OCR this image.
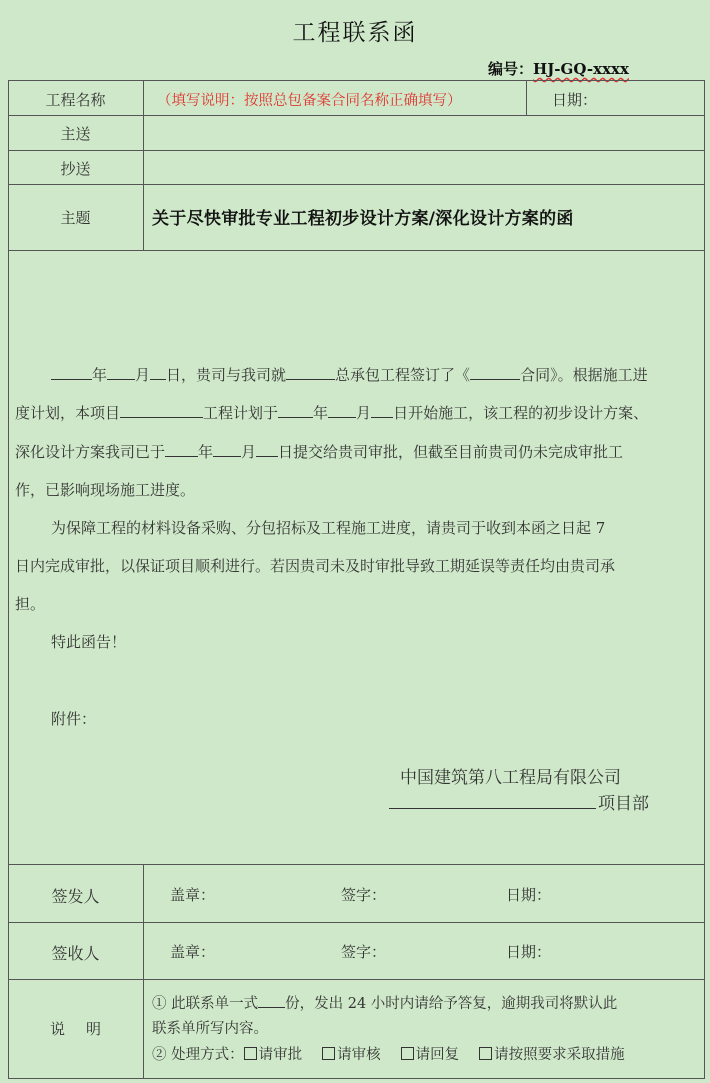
工程联系函
编号：HJ-GQ-xxxx
工程名称	（填写说明：按照总包备案合同名称正确填写）	日期：
主送
抄送
主题	关于尽快审批专业工程初步设计方案/深化设计方案的函
年 月 日，贵司与我司就	总承包工程签订了《	合同》。根据施工进
度计划，本项目	工程计划于 年 月 日开始施工，该工程的初步设计方案、
深化设计方案我司已于 年 月 日提交给贵司审批，但截至目前贵司仍未完成审批工
作，已影响现场施工进度。
为保障工程的材料设备采购、分包招标及工程施工进度，请贵司于收到本函之日起 7
日内完成审批，以保证项目顺利进行。若因贵司未及时审批导致工期延误等责任均由贵司承
担。
特此函告！
附件：
中国建筑第八工程局有限公司
项目部
签发人	盖章：	签字：	日期：
签收人	盖章：	签字：	日期：
说 明
① 此联系单一式 份，发出 24 小时内请给予答复，逾期我司将默认此
联系单所写内容。
② 处理方式： 请审批 请审核 请回复 请按照要求采取措施
